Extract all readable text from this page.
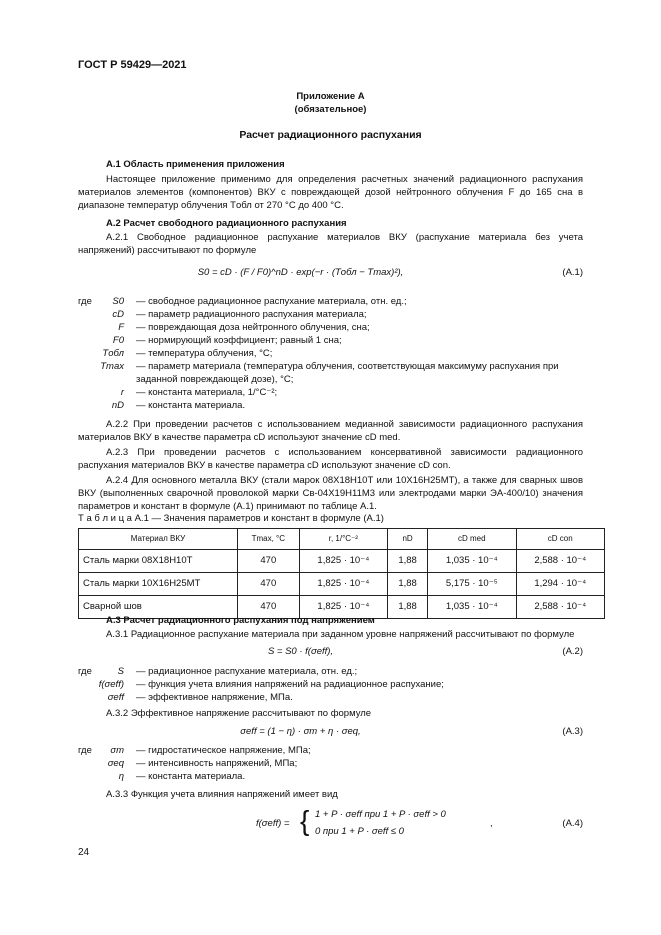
ГОСТ Р 59429—2021
Приложение А
(обязательное)
Расчет радиационного распухания
А.1 Область применения приложения
Настоящее приложение применимо для определения расчетных значений радиационного распухания материалов элементов (компонентов) ВКУ с повреждающей дозой нейтронного облучения F до 165 сна в диапазоне температур облучения Tобл от 270 °С до 400 °С.
А.2 Расчет свободного радиационного распухания
А.2.1 Свободное радиационное распухание материалов ВКУ (распухание материала без учета напряжений) рассчитывают по формуле
S0 = cD · (F / F0)^nD · exp(−r · (Tобл − Tmax)²),	(А.1)
где	S0 — свободное радиационное распухание материала, отн. ед.;
cD — параметр радиационного распухания материала;
F — повреждающая доза нейтронного облучения, сна;
F0 — нормирующий коэффициент; равный 1 сна;
Tобл — температура облучения, °С;
Tmax — параметр материала (температура облучения, соответствующая максимуму распухания при заданной повреждающей дозе), °С;
r — константа материала, 1/°С⁻²;
nD — константа материала.
А.2.2 При проведении расчетов с использованием медианной зависимости радиационного распухания материалов ВКУ в качестве параметра cD используют значение cD med.
А.2.3 При проведении расчетов с использованием консервативной зависимости радиационного распухания материалов ВКУ в качестве параметра cD используют значение cD con.
А.2.4 Для основного металла ВКУ (стали марок 08Х18Н10Т или 10Х16Н25МТ), а также для сварных швов ВКУ (выполненных сварочной проволокой марки Св-04Х19Н11М3 или электродами марки ЭА-400/10) значения параметров и констант в формуле (А.1) принимают по таблице А.1.
Т а б л и ц а А.1 — Значения параметров и констант в формуле (А.1)
Материал ВКУ	Tmax, °С	r, 1/°С⁻²	nD	cD med	cD con
Сталь марки 08Х18Н10Т	470	1,825 · 10⁻⁴	1,88	1,035 · 10⁻⁴	2,588 · 10⁻⁴
Сталь марки 10Х16Н25МТ	470	1,825 · 10⁻⁴	1,88	5,175 · 10⁻⁵	1,294 · 10⁻⁴
Сварной шов	470	1,825 · 10⁻⁴	1,88	1,035 · 10⁻⁴	2,588 · 10⁻⁴
А.3 Расчет радиационного распухания под напряжением
А.3.1 Радиационное распухание материала при заданном уровне напряжений рассчитывают по формуле
S = S0 · f(σeff),	(А.2)
где	S — радиационное распухание материала, отн. ед.;
f(σeff) — функция учета влияния напряжений на радиационное распухание;
σeff — эффективное напряжение, МПа.
А.3.2 Эффективное напряжение рассчитывают по формуле
σeff = (1 − η) · σm + η · σeq,	(А.3)
где	σm — гидростатическое напряжение, МПа;
σeq — интенсивность напряжений, МПа;
η — константа материала.
А.3.3 Функция учета влияния напряжений имеет вид
f(σeff) = { 1 + P · σeff при 1 + P · σeff > 0
0 при 1 + P · σeff ≤ 0
,	(А.4)
24
